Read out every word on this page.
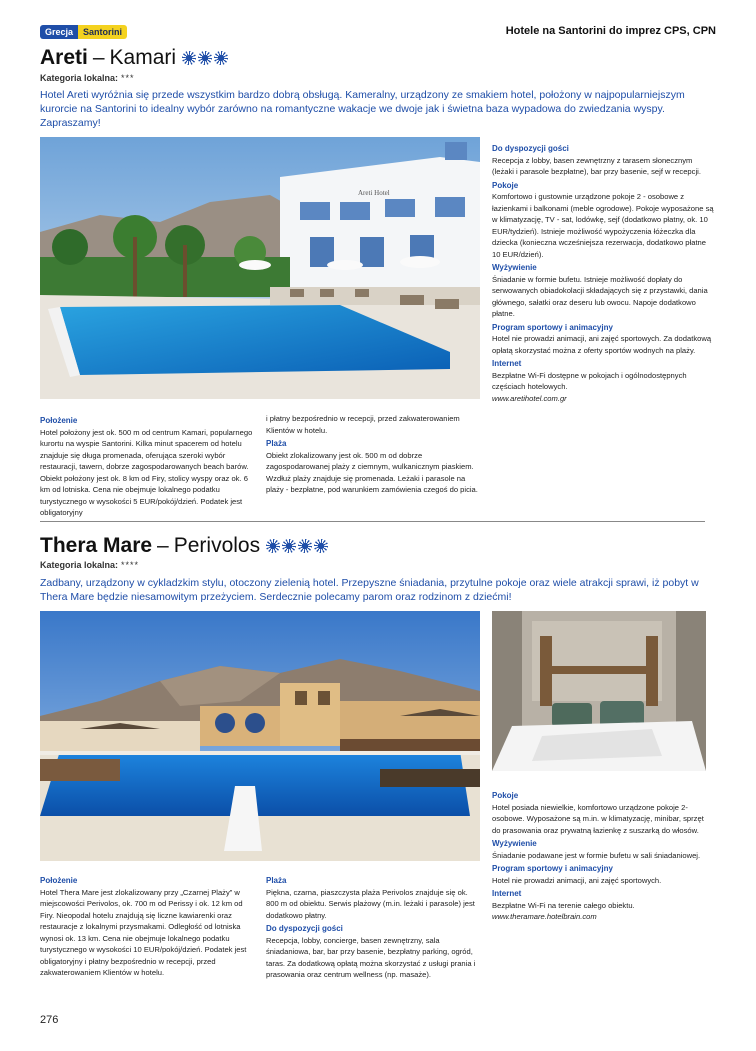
Grecja	Santorini	Hotele na Santorini do imprez CPS, CPN
Areti – Kamari
Kategoria lokalna: ***
Hotel Areti wyróżnia się przede wszystkim bardzo dobrą obsługą. Kameralny, urządzony ze smakiem hotel, położony w najpopularniejszym kurorcie na Santorini to idealny wybór zarówno na romantyczne wakacje we dwoje jak i świetna baza wypadowa do zwiedzania wyspy. Zapraszamy!
Areti Hotel
Do dyspozycji gości

Recepcja z lobby, basen zewnętrzny z tarasem słonecznym (leżaki i parasole bezpłatne), bar przy basenie, sejf w recepcji.

Pokoje

Komfortowo i gustownie urządzone pokoje 2 - osobowe z łazienkami i balkonami (meble ogrodowe). Pokoje wyposażone są w klimatyzację, TV - sat, lodówkę, sejf (dodatkowo płatny, ok. 10 EUR/tydzień). Istnieje możliwość wypożyczenia łóżeczka dla dziecka (konieczna wcześniejsza rezerwacja, dodatkowo płatne 10 EUR/dzień).

Wyżywienie

Śniadanie w formie bufetu. Istnieje możliwość dopłaty do serwowanych obiadokolacji składających się z przystawki, dania głównego, sałatki oraz deseru lub owocu. Napoje dodatkowo płatne.

Program sportowy i animacyjny

Hotel nie prowadzi animacji, ani zajęć sportowych. Za dodatkową opłatą skorzystać można z oferty sportów wodnych na plaży.

Internet

Bezpłatne Wi-Fi dostępne w pokojach i ogólnodostępnych częściach hotelowych.

www.aretihotel.com.gr

Położenie

Hotel położony jest ok. 500 m od centrum Kamari, popularnego kurortu na wyspie Santorini. Kilka minut spacerem od hotelu znajduje się długa promenada, oferująca szeroki wybór restauracji, tawern, dobrze zagospodarowanych beach barów. Obiekt położony jest ok. 8 km od Firy, stolicy wyspy oraz ok. 6 km od lotniska. Cena nie obejmuje lokalnego podatku turystycznego w wysokości 5 EUR/pokój/dzień. Podatek jest obligatoryjny

i płatny bezpośrednio w recepcji, przed zakwaterowaniem Klientów w hotelu.

Plaża

Obiekt zlokalizowany jest ok. 500 m od dobrze zagospodarowanej plaży z ciemnym, wulkanicznym piaskiem. Wzdłuż plaży znajduje się promenada. Leżaki i parasole na plaży - bezpłatne, pod warunkiem zamówienia czegoś do picia.

Thera Mare – Perivolos
Kategoria lokalna: ****
Zadbany, urządzony w cykladzkim stylu, otoczony zielenią hotel. Przepyszne śniadania, przytulne pokoje oraz wiele atrakcji sprawi, iż pobyt w Thera Mare będzie niesamowitym przeżyciem. Serdecznie polecamy parom oraz rodzinom z dziećmi!
Pokoje

Hotel posiada niewielkie, komfortowo urządzone pokoje 2-osobowe. Wyposażone są m.in. w klimatyzację, minibar, sprzęt do prasowania oraz prywatną łazienkę z suszarką do włosów.

Wyżywienie

Śniadanie podawane jest w formie bufetu w sali śniadaniowej.

Program sportowy i animacyjny

Hotel nie prowadzi animacji, ani zajęć sportowych.

Internet

Bezpłatne Wi-Fi na terenie całego obiektu.

www.theramare.hotelbrain.com

Położenie

Hotel Thera Mare jest zlokalizowany przy „Czarnej Plaży” w miejscowości Perivolos, ok. 700 m od Perissy i ok. 12 km od Firy. Nieopodal hotelu znajdują się liczne kawiarenki oraz restauracje z lokalnymi przysmakami. Odległość od lotniska wynosi ok. 13 km. Cena nie obejmuje lokalnego podatku turystycznego w wysokości 10 EUR/pokój/dzień. Podatek jest obligatoryjny i płatny bezpośrednio w recepcji, przed zakwaterowaniem Klientów w hotelu.

Plaża

Piękna, czarna, piaszczysta plaża Perivolos znajduje się ok. 800 m od obiektu. Serwis plażowy (m.in. leżaki i parasole) jest dodatkowo płatny.

Do dyspozycji gości

Recepcja, lobby, concierge, basen zewnętrzny, sala śniadaniowa, bar, bar przy basenie, bezpłatny parking, ogród, taras. Za dodatkową opłatą można skorzystać z usługi prania i prasowania oraz centrum wellness (np. masaże).

276
